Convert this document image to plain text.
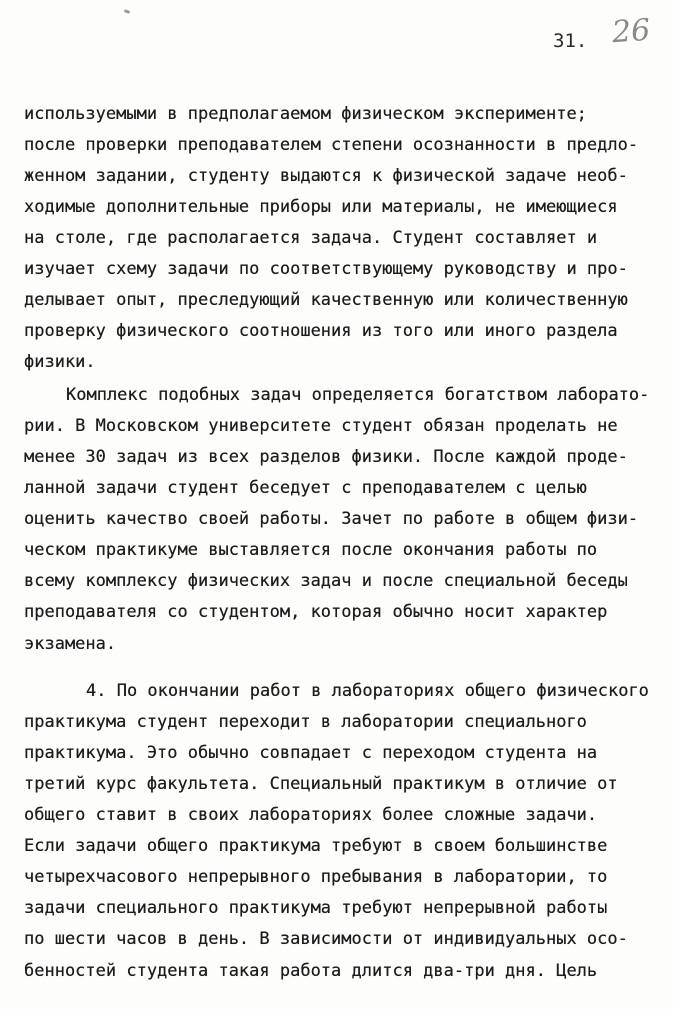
31. 26
используемыми в предполагаемом физическом эксперименте;
после проверки преподавателем степени осознанности в предло-
женном задании, студенту выдаются к физической задаче необ-
ходимые дополнительные приборы или материалы, не имеющиеся
на столе, где располагается задача. Студент составляет и
изучает схему задачи по соответствующему руководству и про-
делывает опыт, преследующий качественную или количественную
проверку физического соотношения из того или иного раздела
физики.
Комплекс подобных задач определяется богатством лаборато-
рии. В Московском университете студент обязан проделать не
менее 30 задач из всех разделов физики. После каждой проде-
ланной задачи студент беседует с преподавателем с целью
оценить качество своей работы. Зачет по работе в общем физи-
ческом практикуме выставляется после окончания работы по
всему комплексу физических задач и после специальной беседы
преподавателя со студентом, которая обычно носит характер
экзамена.
4. По окончании работ в лабораториях общего физического
практикума студент переходит в лаборатории специального
практикума. Это обычно совпадает с переходом студента на
третий курс факультета. Специальный практикум в отличие от
общего ставит в своих лабораториях более сложные задачи.
Если задачи общего практикума требуют в своем большинстве
четырехчасового непрерывного пребывания в лаборатории, то
задачи специального практикума требуют непрерывной работы
по шести часов в день. В зависимости от индивидуальных осо-
бенностей студента такая работа длится два-три дня. Цель
